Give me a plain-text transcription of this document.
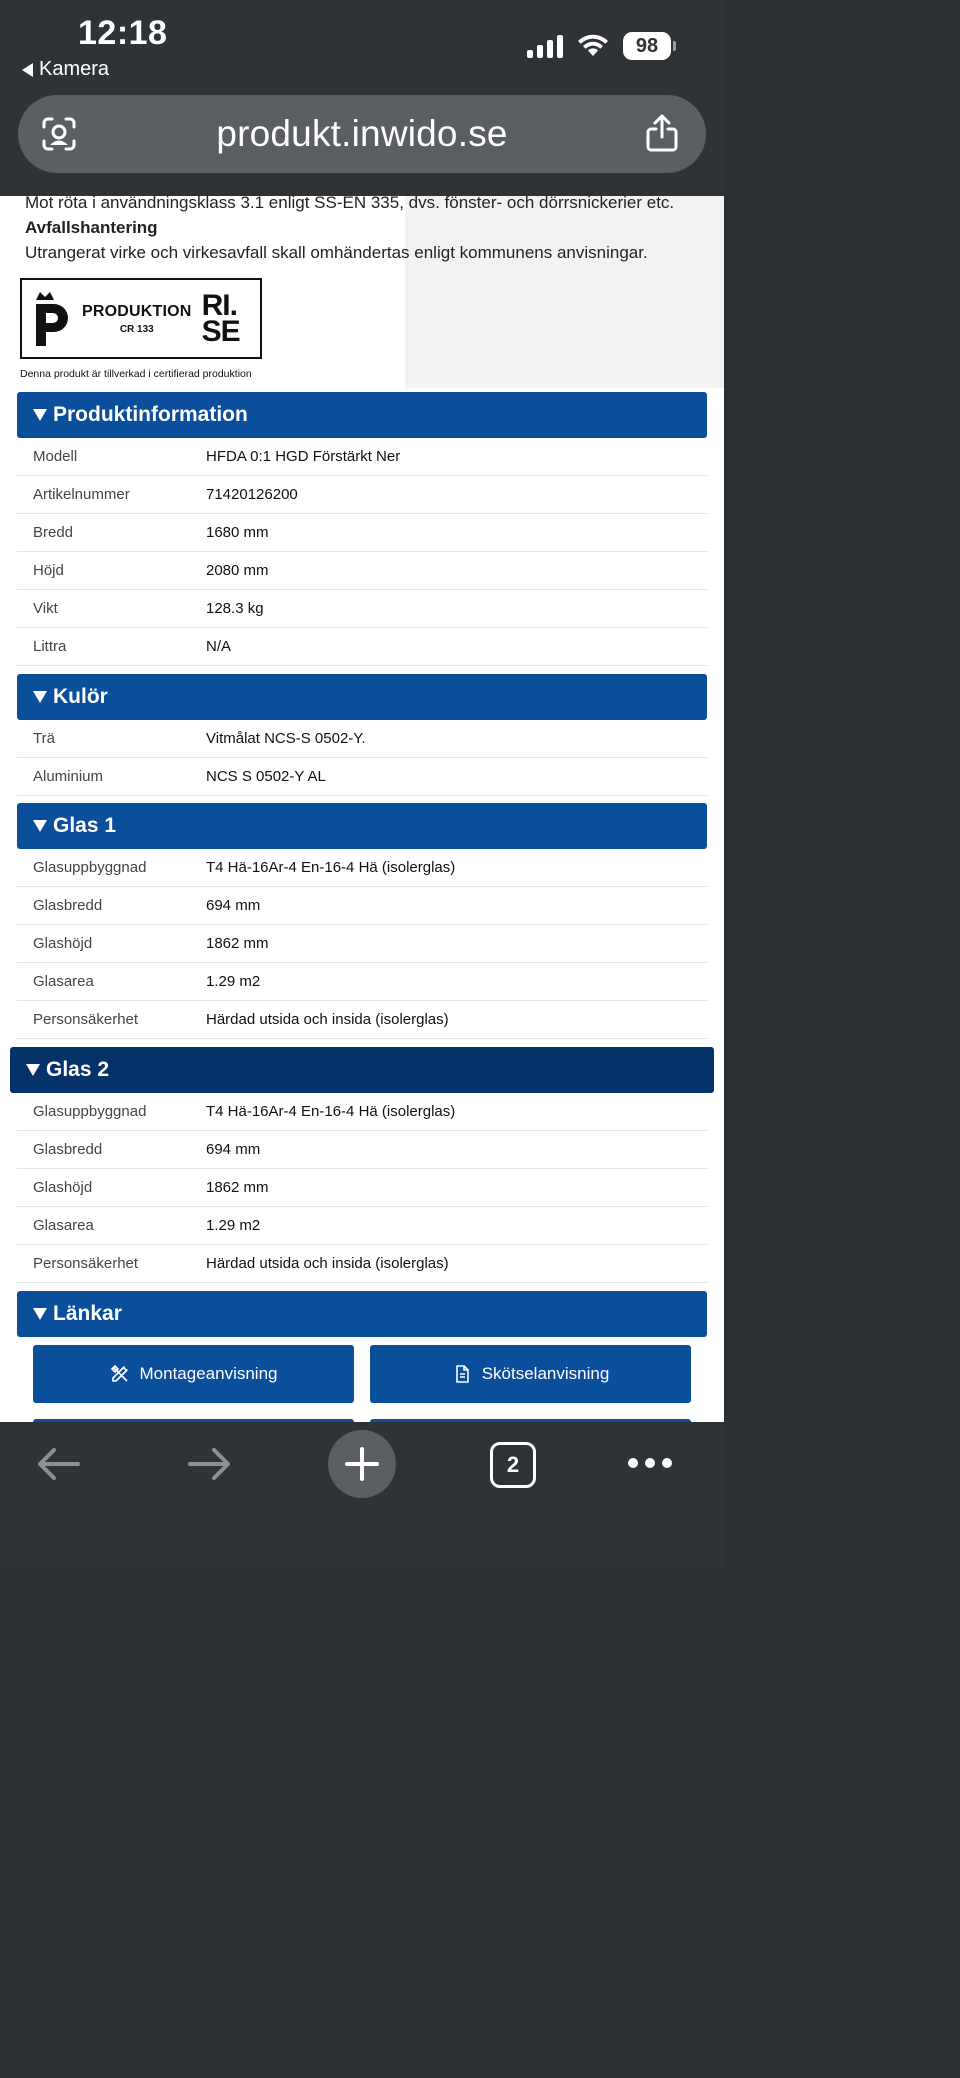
12:18
Kamera
98
produkt.inwido.se

Mot röta i användningsklass 3.1 enligt SS-EN 335, dvs. fönster- och dörrsnickerier etc.

Avfallshantering

Utrangerat virke och virkesavfall skall omhändertas enligt kommunens anvisningar.

PRODUKTION
CR 133
RI.
SE
Denna produkt är tillverkad i certifierad produktion
Produktinformation
Modell	HFDA 0:1 HGD Förstärkt Ner
Artikelnummer	71420126200
Bredd	1680 mm
Höjd	2080 mm
Vikt	128.3 kg
Littra	N/A
Kulör
Trä	Vitmålat NCS-S 0502-Y.
Aluminium	NCS S 0502-Y AL
Glas 1
Glasuppbyggnad	T4 Hä-16Ar-4 En-16-4 Hä (isolerglas)
Glasbredd	694 mm
Glashöjd	1862 mm
Glasarea	1.29 m2
Personsäkerhet	Härdad utsida och insida (isolerglas)
Glas 2
Glasuppbyggnad	T4 Hä-16Ar-4 En-16-4 Hä (isolerglas)
Glasbredd	694 mm
Glashöjd	1862 mm
Glasarea	1.29 m2
Personsäkerhet	Härdad utsida och insida (isolerglas)
Länkar
Montageanvisning	Skötselanvisning
2
